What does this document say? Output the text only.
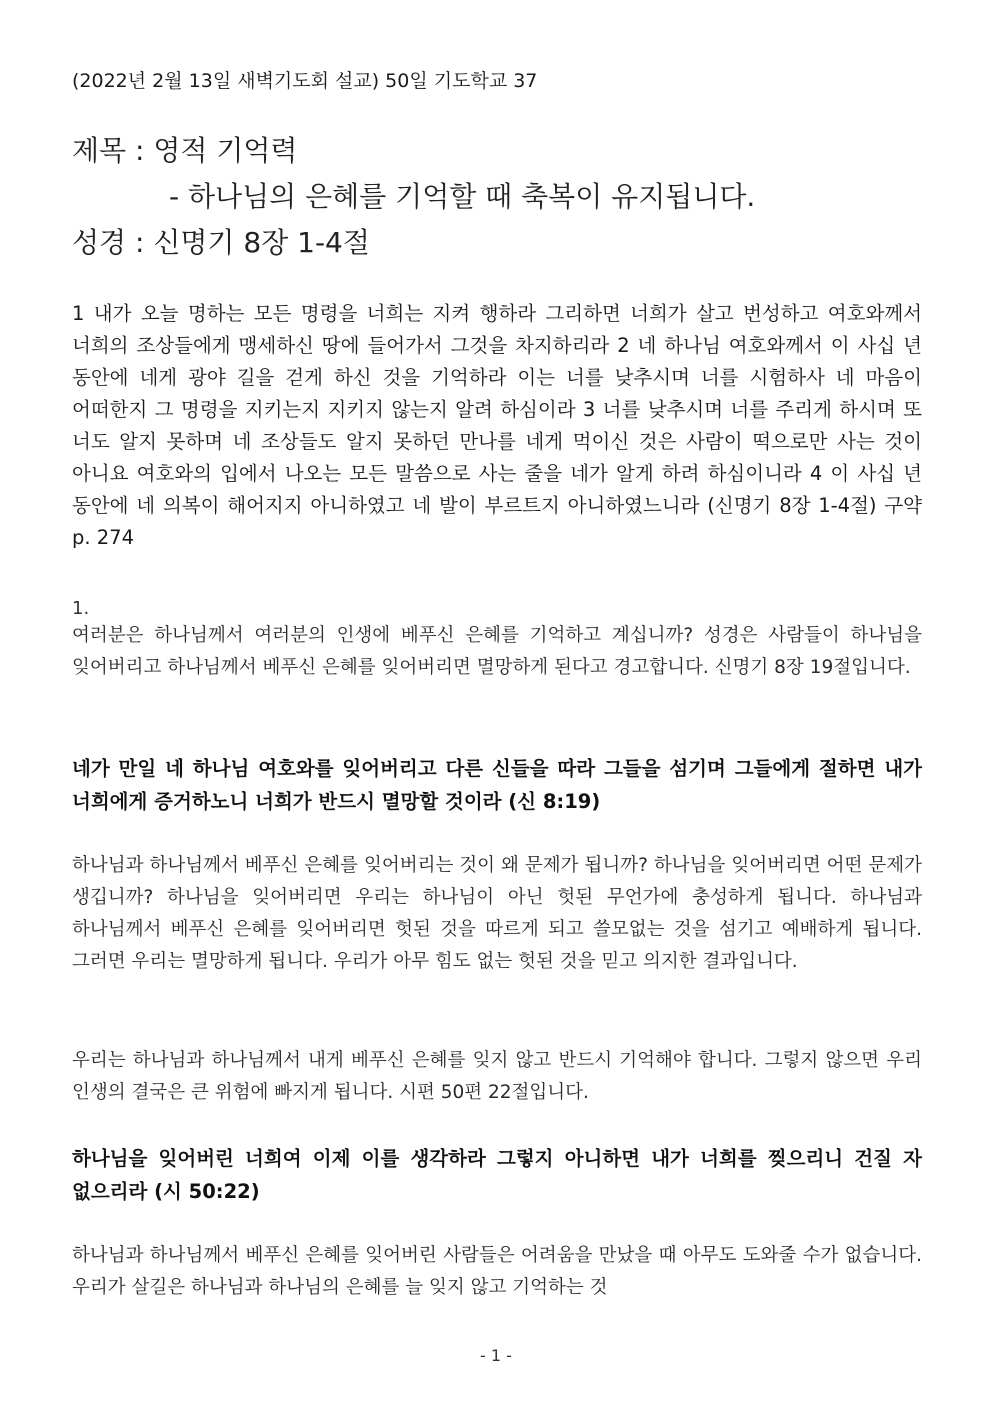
(2022년 2월 13일 새벽기도회 설교) 50일 기도학교 37
제목 : 영적 기억력
- 하나님의 은혜를 기억할 때 축복이 유지됩니다.
성경 : 신명기 8장 1-4절
1 내가 오늘 명하는 모든 명령을 너희는 지켜 행하라 그리하면 너희가 살고 번성하고 여호와께서 너희의 조상들에게 맹세하신 땅에 들어가서 그것을 차지하리라 2 네 하나님 여호와께서 이 사십 년 동안에 네게 광야 길을 걷게 하신 것을 기억하라 이는 너를 낮추시며 너를 시험하사 네 마음이 어떠한지 그 명령을 지키는지 지키지 않는지 알려 하심이라 3 너를 낮추시며 너를 주리게 하시며 또 너도 알지 못하며 네 조상들도 알지 못하던 만나를 네게 먹이신 것은 사람이 떡으로만 사는 것이 아니요 여호와의 입에서 나오는 모든 말씀으로 사는 줄을 네가 알게 하려 하심이니라 4 이 사십 년 동안에 네 의복이 해어지지 아니하였고 네 발이 부르트지 아니하였느니라 (신명기 8장 1-4절) 구약 p. 274
1.
여러분은 하나님께서 여러분의 인생에 베푸신 은혜를 기억하고 계십니까? 성경은 사람들이 하나님을 잊어버리고 하나님께서 베푸신 은혜를 잊어버리면 멸망하게 된다고 경고합니다. 신명기 8장 19절입니다.
네가 만일 네 하나님 여호와를 잊어버리고 다른 신들을 따라 그들을 섬기며 그들에게 절하면 내가 너희에게 증거하노니 너희가 반드시 멸망할 것이라 (신 8:19)
하나님과 하나님께서 베푸신 은혜를 잊어버리는 것이 왜 문제가 됩니까? 하나님을 잊어버리면 어떤 문제가 생깁니까? 하나님을 잊어버리면 우리는 하나님이 아닌 헛된 무언가에 충성하게 됩니다. 하나님과 하나님께서 베푸신 은혜를 잊어버리면 헛된 것을 따르게 되고 쓸모없는 것을 섬기고 예배하게 됩니다. 그러면 우리는 멸망하게 됩니다. 우리가 아무 힘도 없는 헛된 것을 믿고 의지한 결과입니다.
우리는 하나님과 하나님께서 내게 베푸신 은혜를 잊지 않고 반드시 기억해야 합니다. 그렇지 않으면 우리 인생의 결국은 큰 위험에 빠지게 됩니다. 시편 50편 22절입니다.
하나님을 잊어버린 너희여 이제 이를 생각하라 그렇지 아니하면 내가 너희를 찢으리니 건질 자 없으리라 (시 50:22)
하나님과 하나님께서 베푸신 은혜를 잊어버린 사람들은 어려움을 만났을 때 아무도 도와줄 수가 없습니다. 우리가 살길은 하나님과 하나님의 은혜를 늘 잊지 않고 기억하는 것
- 1 -
